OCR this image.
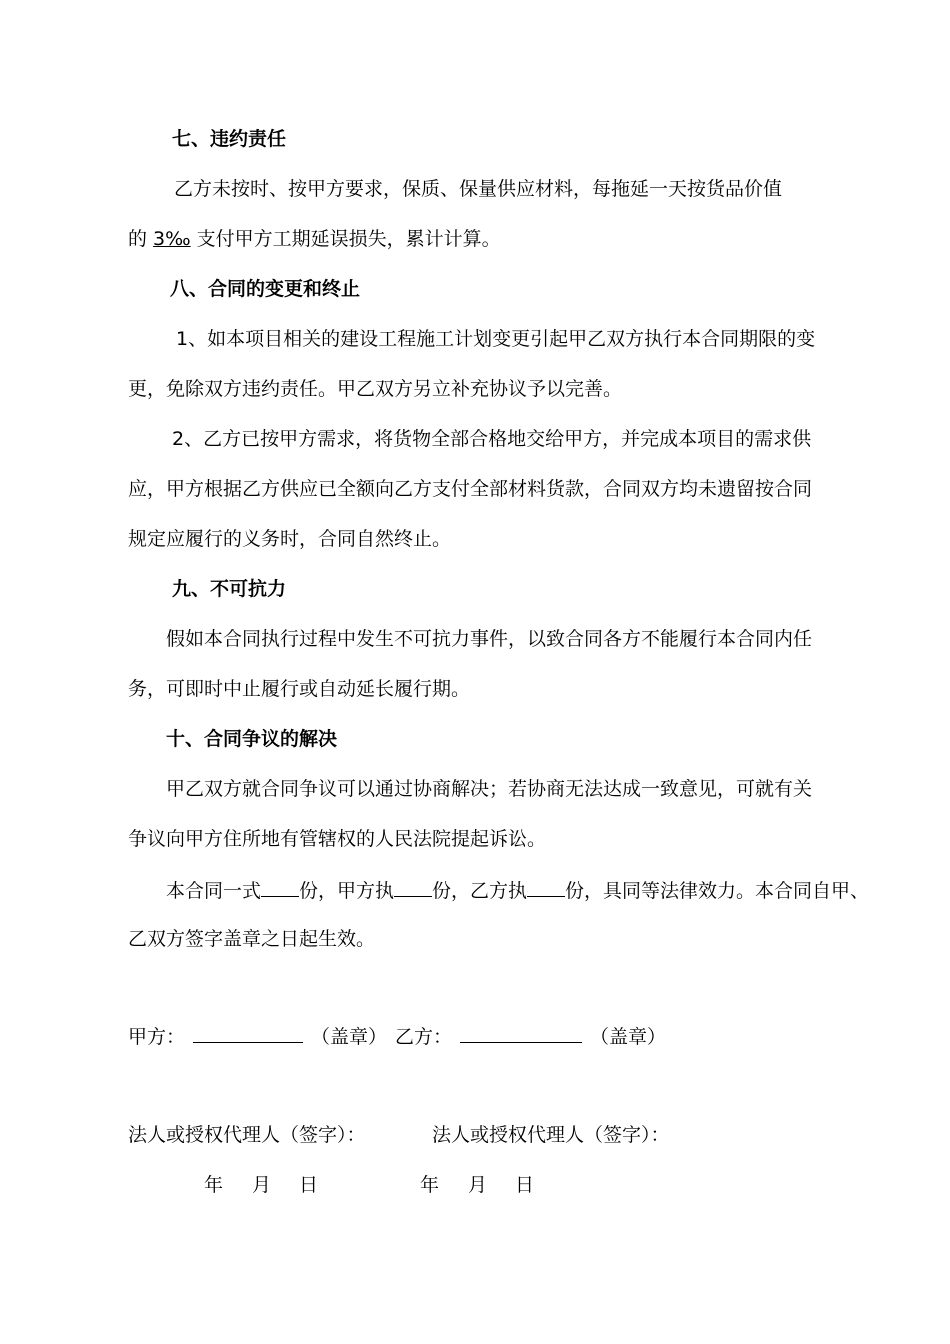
七、违约责任
乙方未按时、按甲方要求，保质、保量供应材料，每拖延一天按货品价值
的 3‰ 支付甲方工期延误损失，累计计算。
八、合同的变更和终止
1、如本项目相关的建设工程施工计划变更引起甲乙双方执行本合同期限的变
更，免除双方违约责任。甲乙双方另立补充协议予以完善。
2、乙方已按甲方需求，将货物全部合格地交给甲方，并完成本项目的需求供
应，甲方根据乙方供应已全额向乙方支付全部材料货款，合同双方均未遗留按合同
规定应履行的义务时，合同自然终止。
九、不可抗力
假如本合同执行过程中发生不可抗力事件，以致合同各方不能履行本合同内任
务，可即时中止履行或自动延长履行期。
十、合同争议的解决
甲乙双方就合同争议可以通过协商解决；若协商无法达成一致意见，可就有关
争议向甲方住所地有管辖权的人民法院提起诉讼。
本合同一式 份，甲方执 份，乙方执 份，具同等法律效力。本合同自甲、
乙双方签字盖章之日起生效。
甲方：	（盖章） 乙方：	（盖章）
法人或授权代理人（签字）：	法人或授权代理人（签字）：
年	月	日	年	月	日
